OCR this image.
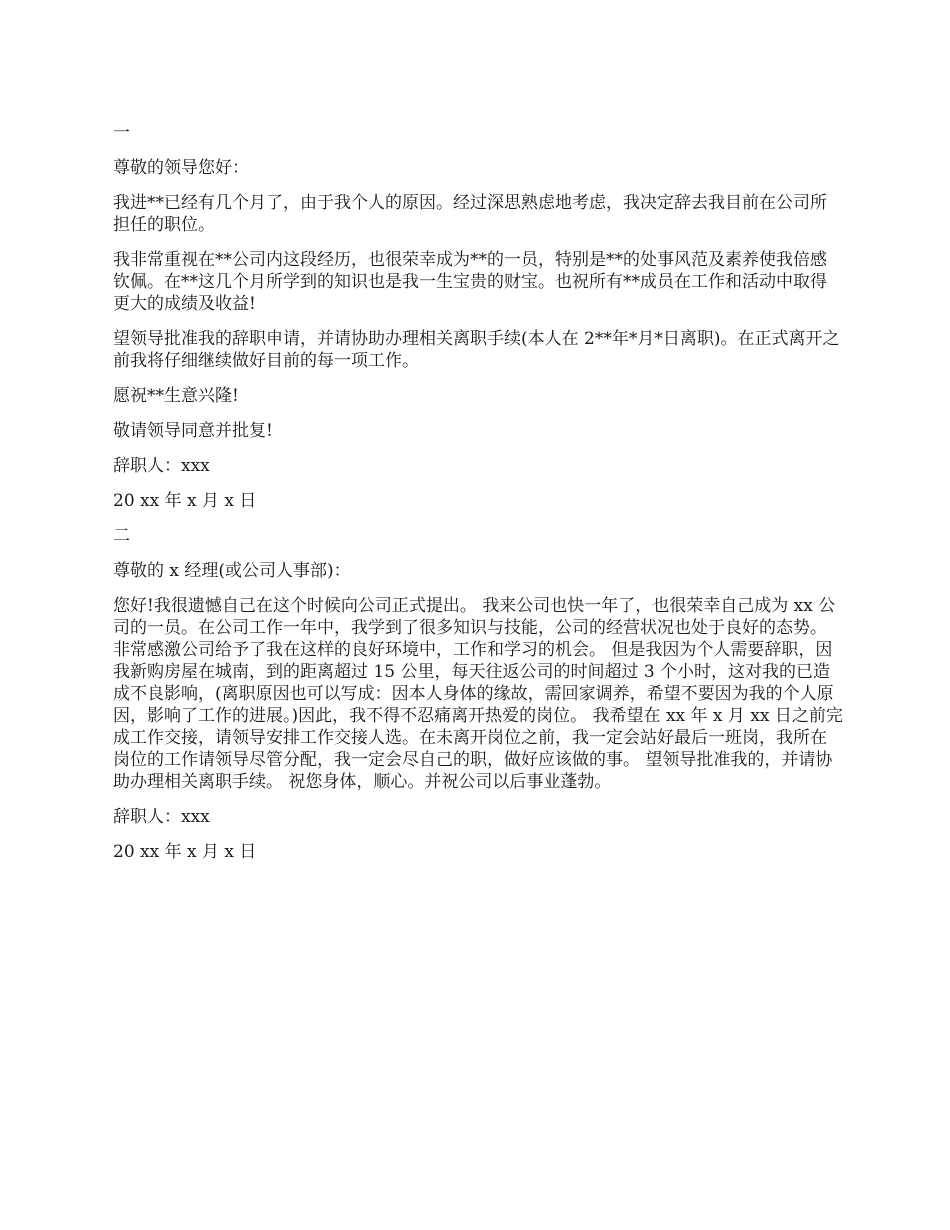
一

尊敬的领导您好：

我进**已经有几个月了，由于我个人的原因。经过深思熟虑地考虑，我决定辞去我目前在公司所担任的职位。

我非常重视在**公司内这段经历，也很荣幸成为**的一员，特别是**的处事风范及素养使我倍感钦佩。在**这几个月所学到的知识也是我一生宝贵的财宝。也祝所有**成员在工作和活动中取得更大的成绩及收益!

望领导批准我的辞职申请，并请协助办理相关离职手续(本人在 2**年*月*日离职)。在正式离开之前我将仔细继续做好目前的每一项工作。

愿祝**生意兴隆!

敬请领导同意并批复!

辞职人：xxx

20 xx 年 x 月 x 日

二

尊敬的 x 经理(或公司人事部)：

您好!我很遗憾自己在这个时候向公司正式提出。 我来公司也快一年了，也很荣幸自己成为 xx 公司的一员。在公司工作一年中，我学到了很多知识与技能，公司的经营状况也处于良好的态势。非常感激公司给予了我在这样的良好环境中，工作和学习的机会。 但是我因为个人需要辞职，因我新购房屋在城南，到的距离超过 15 公里，每天往返公司的时间超过 3 个小时，这对我的已造成不良影响，(离职原因也可以写成：因本人身体的缘故，需回家调养，希望不要因为我的个人原因，影响了工作的进展。)因此，我不得不忍痛离开热爱的岗位。 我希望在 xx 年 x 月 xx 日之前完成工作交接，请领导安排工作交接人选。在未离开岗位之前，我一定会站好最后一班岗，我所在岗位的工作请领导尽管分配，我一定会尽自己的职，做好应该做的事。 望领导批准我的，并请协助办理相关离职手续。 祝您身体，顺心。并祝公司以后事业蓬勃。

辞职人：xxx

20 xx 年 x 月 x 日
